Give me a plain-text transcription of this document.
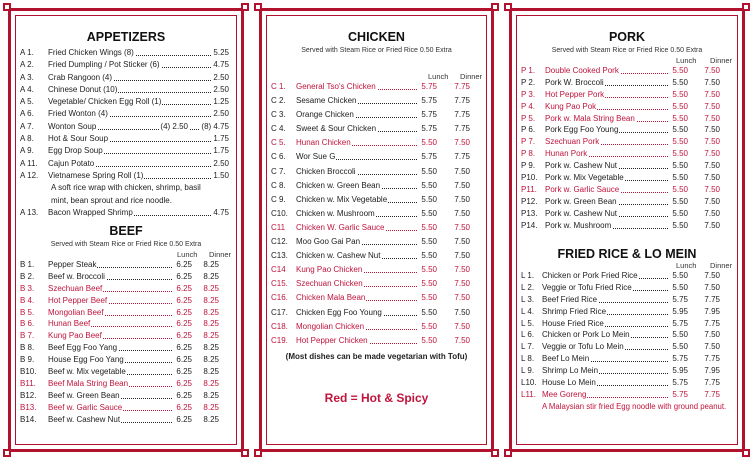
APPETIZERS
A 1. Fried Chicken Wings (8)	5.25
A 2. Fried Dumpling / Pot Sticker (6)	4.75
A 3. Crab Rangoon (4)	2.50
A 4. Chinese Donut (10)	2.50
A 5. Vegetable/ Chicken Egg Roll (1)	1.25
A 6. Fried Wonton (4)	2.50
A 7. Wonton Soup	(4) 2.50 (8) 4.75
A 8. Hot & Sour Soup	1.75
A 9. Egg Drop Soup	1.75
A 11. Cajun Potato	2.50
A 12. Vietnamese Spring Roll (1)	1.50
A soft rice wrap with chicken, shrimp, basil
mint, bean sprout and rice noodle.
A 13. Bacon Wrapped Shrimp	4.75
BEEF
Served with Steam Rice or Fried Rice 0.50 Extra
Lunch Dinner
B 1. Pepper Steak	6.25 8.25
B 2. Beef w. Broccoli	6.25 8.25
B 3. Szechuan Beef	6.25 8.25
B 4. Hot Pepper Beef	6.25 8.25
B 5. Mongolian Beef	6.25 8.25
B 6. Hunan Beef	6.25 8.25
B 7. Kung Pao Beef	6.25 8.25
B 8. Beef Egg Foo Yang	6.25 8.25
B 9. House Egg Foo Yang	6.25 8.25
B10. Beef w. Mix vegetable	6.25 8.25
B11. Beef Mala String Bean	6.25 8.25
B12. Beef w. Green Bean	6.25 8.25
B13. Beef w. Garlic Sauce	6.25 8.25
B14. Beef w. Cashew Nut	6.25 8.25
CHICKEN
Served with Steam Rice or Fried Rice 0.50 Extra
Lunch Dinner
C 1. General Tso's Chicken	5.75 7.75
C 2. Sesame Chicken	5.75 7.75
C 3. Orange Chicken	5.75 7.75
C 4. Sweet & Sour Chicken	5.75 7.75
C 5. Hunan Chicken	5.50 7.50
C 6. Wor Sue G	5.75 7.75
C 7. Chicken Broccoli	5.50 7.50
C 8. Chicken w. Green Bean	5.50 7.50
C 9. Chicken w. Mix Vegetable	5.50 7.50
C10. Chicken w. Mushroom	5.50 7.50
C11 Chicken W. Garlic Sauce	5.50 7.50
C12. Moo Goo Gai Pan	5.50 7.50
C13. Chicken w. Cashew Nut	5.50 7.50
C14 Kung Pao Chicken	5.50 7.50
C15. Szechuan Chicken	5.50 7.50
C16. Chicken Mala Bean	5.50 7.50
C17. Chicken Egg Foo Young	5.50 7.50
C18. Mongolian Chicken	5.50 7.50
C19. Hot Pepper Chicken	5.50 7.50
(Most dishes can be made vegetarian with Tofu)
Red = Hot & Spicy
PORK
Served with Steam Rice or Fried Rice 0.50 Extra
Lunch Dinner
P 1. Double Cooked Pork	5.50 7.50
P 2. Pork W. Broccoli	5.50 7.50
P 3. Hot Pepper Pork	5.50 7.50
P 4. Kung Pao Pok	5.50 7.50
P 5. Pork w. Mala String Bean	5.50 7.50
P 6. Pork Egg Foo Young	5.50 7.50
P 7. Szechuan Pork	5.50 7.50
P 8. Hunan Pork	5.50 7.50
P 9. Pork w. Cashew Nut	5.50 7.50
P10. Pork w. Mix Vegetable	5.50 7.50
P11. Pork w. Garlic Sauce	5.50 7.50
P12. Pork w. Green Bean	5.50 7.50
P13. Pork w. Cashew Nut	5.50 7.50
P14. Pork w. Mushroom	5.50 7.50
FRIED RICE & LO MEIN
Lunch Dinner
L 1. Chicken or Pork Fried Rice	5.50 7.50
L 2. Veggie or Tofu Fried Rice	5.50 7.50
L 3. Beef Fried Rice	5.75 7.75
L 4. Shrimp Fried Rice	5.95 7.95
L 5. House Fried Rice	5.75 7.75
L 6. Chicken or Pork Lo Mein	5.50 7.50
L 7. Veggie or Tofu Lo Mein	5.50 7.50
L 8. Beef Lo Mein	5.75 7.75
L 9. Shrimp Lo Mein	5.95 7.95
L10. House Lo Mein	5.75 7.75
L11. Mee Goreng	5.75 7.75
A Malaysian stir fried Egg noodle with ground peanut.
